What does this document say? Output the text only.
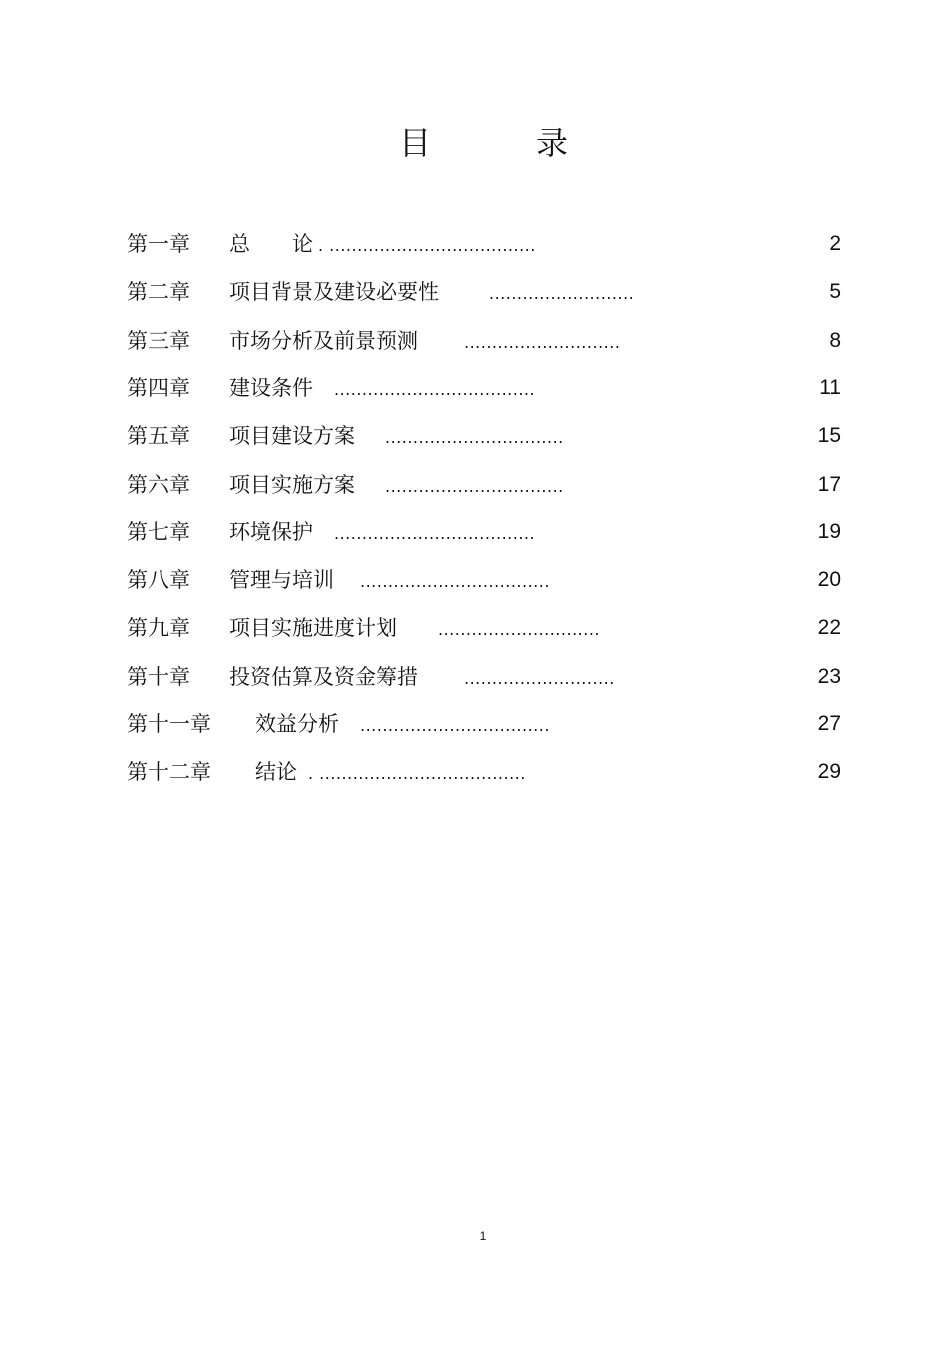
目	录
第一章 总　　论 . .....................................	2
第二章 项目背景及建设必要性	..........................	5
第三章 市场分析及前景预测	............................	8
第四章 建设条件 ....................................	11
第五章 项目建设方案 ................................	15
第六章 项目实施方案 ................................	17
第七章 环境保护 ....................................	19
第八章 管理与培训 ..................................	20
第九章 项目实施进度计划	.............................	22
第十章 投资估算及资金筹措	...........................	23
第十一章 效益分析 ..................................	27
第十二章 结论 . .....................................	29
1
